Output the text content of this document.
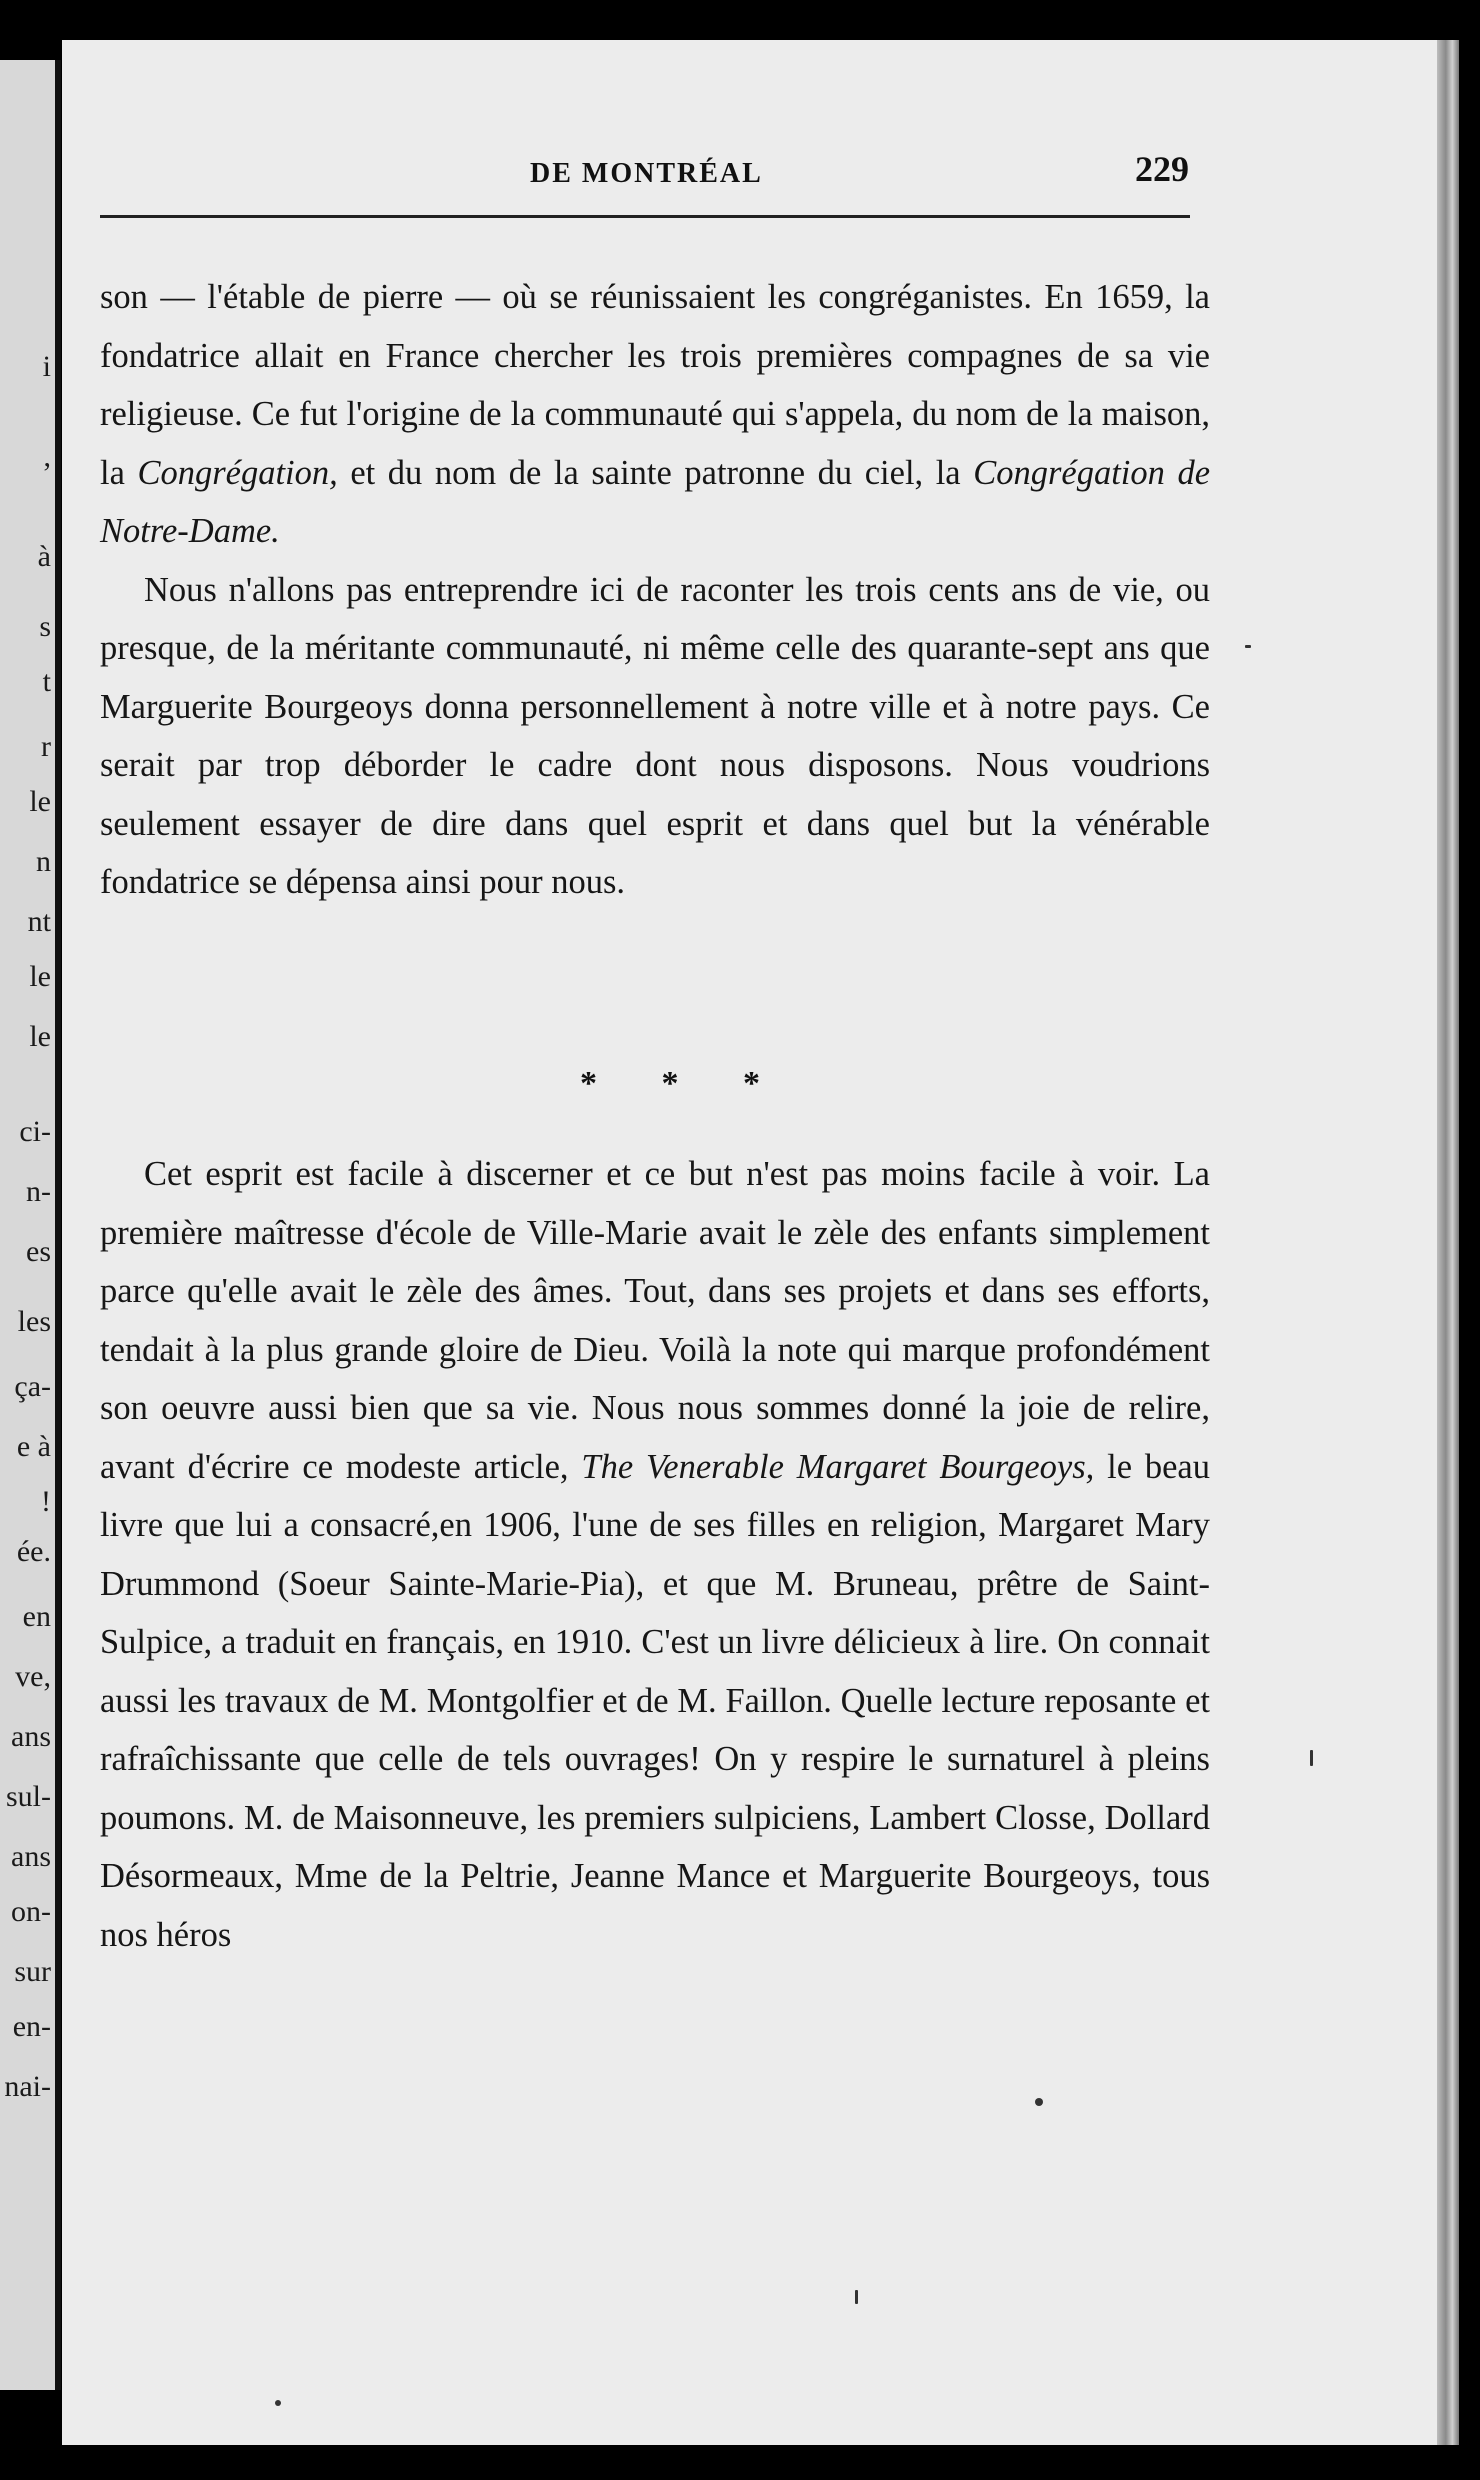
i
,
à
s
t
r
le
n
nt
le
le
ci-
n-
es
les
ça-
e à
!
ée.
en
ve,
ans
sul-
ans
on-
sur
en-
nai-
DE MONTRÉAL	229

son — l'étable de pierre — où se réunissaient les congréganistes. En 1659, la fondatrice allait en France chercher les trois premières compagnes de sa vie religieuse. Ce fut l'origine de la communauté qui s'appela, du nom de la maison, la Congrégation, et du nom de la sainte patronne du ciel, la Congrégation de Notre-Dame.

Nous n'allons pas entreprendre ici de raconter les trois cents ans de vie, ou presque, de la méritante communauté, ni même celle des quarante-sept ans que Marguerite Bourgeoys donna personnellement à notre ville et à notre pays. Ce serait par trop déborder le cadre dont nous disposons. Nous voudrions seulement essayer de dire dans quel esprit et dans quel but la vénérable fondatrice se dépensa ainsi pour nous.

* * *

Cet esprit est facile à discerner et ce but n'est pas moins facile à voir. La première maîtresse d'école de Ville-Marie avait le zèle des enfants simplement parce qu'elle avait le zèle des âmes. Tout, dans ses projets et dans ses efforts, tendait à la plus grande gloire de Dieu. Voilà la note qui marque profondément son oeuvre aussi bien que sa vie. Nous nous sommes donné la joie de relire, avant d'écrire ce modeste article, The Venerable Margaret Bourgeoys, le beau livre que lui a consacré,en 1906, l'une de ses filles en religion, Margaret Mary Drummond (Soeur Sainte-Marie-Pia), et que M. Bruneau, prêtre de Saint-Sulpice, a traduit en français, en 1910. C'est un livre délicieux à lire. On connait aussi les travaux de M. Montgolfier et de M. Faillon. Quelle lecture reposante et rafraîchissante que celle de tels ouvrages! On y respire le surnaturel à pleins poumons. M. de Maisonneuve, les premiers sulpiciens, Lambert Closse, Dollard Désormeaux, Mme de la Peltrie, Jeanne Mance et Marguerite Bourgeoys, tous nos héros
